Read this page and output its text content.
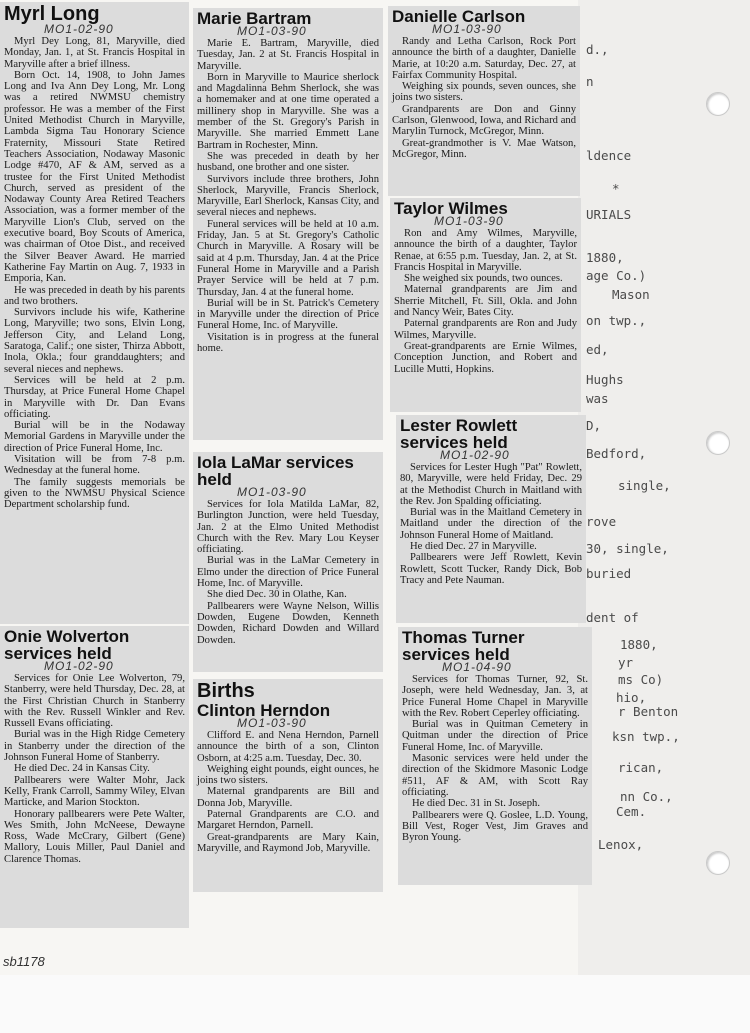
d.,
n
ldence
*
URIALS
1880,
age Co.)
Mason
on twp.,
ed,
Hughs
was
D,
Bedford,
single,
rove
30, single,
buried
dent of
1880,
yr
ms Co)
hio,
r Benton
ksn twp.,
rican,
nn Co.,
Cem.
Lenox,
Myrl Long
MO1-02-90

Myrl Dey Long, 81, Maryville, died Monday, Jan. 1, at St. Francis Hospital in Maryville after a brief illness.

Born Oct. 14, 1908, to John James Long and Iva Ann Dey Long, Mr. Long was a retired NWMSU chemistry professor. He was a member of the First United Methodist Church in Maryville, Lambda Sigma Tau Honorary Science Fraternity, Missouri State Retired Teachers Association, Nodaway Masonic Lodge #470, AF & AM, served as a trustee for the First United Methodist Church, served as president of the Nodaway County Area Retired Teachers Association, was a former member of the Maryville Lion's Club, served on the executive board, Boy Scouts of America, was chairman of Otoe Dist., and received the Silver Beaver Award. He married Katherine Fay Martin on Aug. 7, 1933 in Emporia, Kan.

He was preceded in death by his parents and two brothers.

Survivors include his wife, Katherine Long, Maryville; two sons, Elvin Long, Jefferson City, and Leland Long, Saratoga, Calif.; one sister, Thirza Abbott, Inola, Okla.; four granddaughters; and several nieces and nephews.

Services will be held at 2 p.m. Thursday, at Price Funeral Home Chapel in Maryville with Dr. Dan Evans officiating.

Burial will be in the Nodaway Memorial Gardens in Maryville under the direction of Price Funeral Home, Inc.

Visitation will be from 7-8 p.m. Wednesday at the funeral home.

The family suggests memorials be given to the NWMSU Physical Science Department scholarship fund.

Onie Wolverton services held
MO1-02-90

Services for Onie Lee Wolverton, 79, Stanberry, were held Thursday, Dec. 28, at the First Christian Church in Stanberry with the Rev. Russell Winkler and Rev. Russell Evans officiating.

Burial was in the High Ridge Cemetery in Stanberry under the direction of the Johnson Funeral Home of Stanberry.

He died Dec. 24 in Kansas City.

Pallbearers were Walter Mohr, Jack Kelly, Frank Carroll, Sammy Wiley, Elvan Marticke, and Marion Stockton.

Honorary pallbearers were Pete Walter, Wes Smith, John McNeese, Dewayne Ross, Wade McCrary, Gilbert (Gene) Mallory, Louis Miller, Paul Daniel and Clarence Thomas.

Marie Bartram
MO1-03-90

Marie E. Bartram, Maryville, died Tuesday, Jan. 2 at St. Francis Hospital in Maryville.

Born in Maryville to Maurice sherlock and Magdalinna Behm Sherlock, she was a homemaker and at one time operated a millinery shop in Maryville. She was a member of the St. Gregory's Parish in Maryville. She married Emmett Lane Bartram in Rochester, Minn.

She was preceded in death by her husband, one brother and one sister.

Survivors include three brothers, John Sherlock, Maryville, Francis Sherlock, Maryville, Earl Sherlock, Kansas City, and several nieces and nephews.

Funeral services will be held at 10 a.m. Friday, Jan. 5 at St. Gregory's Catholic Church in Maryville. A Rosary will be said at 4 p.m. Thursday, Jan. 4 at the Price Funeral Home in Maryville and a Parish Prayer Service will be held at 7 p.m. Thursday, Jan. 4 at the funeral home.

Burial will be in St. Patrick's Cemetery in Maryville under the direction of Price Funeral Home, Inc. of Maryville.

Visitation is in progress at the funeral home.

Iola LaMar services held
MO1-03-90

Services for Iola Matilda LaMar, 82, Burlington Junction, were held Tuesday, Jan. 2 at the Elmo United Methodist Church with the Rev. Mary Lou Keyser officiating.

Burial was in the LaMar Cemetery in Elmo under the direction of Price Funeral Home, Inc. of Maryville.

She died Dec. 30 in Olathe, Kan.

Pallbearers were Wayne Nelson, Willis Dowden, Eugene Dowden, Kenneth Dowden, Richard Dowden and Willard Dowden.

Births
Clinton Herndon
MO1-03-90

Clifford E. and Nena Herndon, Parnell announce the birth of a son, Clinton Osborn, at 4:25 a.m. Tuesday, Dec. 30.

Weighing eight pounds, eight ounces, he joins two sisters.

Maternal grandparents are Bill and Donna Job, Maryville.

Paternal Grandparents are C.O. and Margaret Herndon, Parnell.

Great-grandparents are Mary Kain, Maryville, and Raymond Job, Maryville.

Danielle Carlson
MO1-03-90

Randy and Letha Carlson, Rock Port announce the birth of a daughter, Danielle Marie, at 10:20 a.m. Saturday, Dec. 27, at Fairfax Community Hospital.

Weighing six pounds, seven ounces, she joins two sisters.

Grandparents are Don and Ginny Carlson, Glenwood, Iowa, and Richard and Marylin Turnock, McGregor, Minn.

Great-grandmother is V. Mae Watson, McGregor, Minn.

Taylor Wilmes
MO1-03-90

Ron and Amy Wilmes, Maryville, announce the birth of a daughter, Taylor Renae, at 6:55 p.m. Tuesday, Jan. 2, at St. Francis Hospital in Maryville.

She weighed six pounds, two ounces.

Maternal grandparents are Jim and Sherrie Mitchell, Ft. Sill, Okla. and John and Nancy Weir, Bates City.

Paternal grandparents are Ron and Judy Wilmes, Maryville.

Great-grandparents are Ernie Wilmes, Conception Junction, and Robert and Lucille Mutti, Hopkins.

Lester Rowlett services held
MO1-02-90

Services for Lester Hugh "Pat" Rowlett, 80, Maryville, were held Friday, Dec. 29 at the Methodist Church in Maitland with the Rev. Jon Spalding officiating.

Burial was in the Maitland Cemetery in Maitland under the direction of the Johnson Funeral Home of Maitland.

He died Dec. 27 in Maryville.

Pallbearers were Jeff Rowlett, Kevin Rowlett, Scott Tucker, Randy Dick, Bob Tracy and Pete Nauman.

Thomas Turner services held
MO1-04-90

Services for Thomas Turner, 92, St. Joseph, were held Wednesday, Jan. 3, at Price Funeral Home Chapel in Maryville with the Rev. Robert Ceperley officiating.

Burial was in Quitman Cemetery in Quitman under the direction of Price Funeral Home, Inc. of Maryville.

Masonic services were held under the direction of the Skidmore Masonic Lodge #511, AF & AM, with Scott Ray officiating.

He died Dec. 31 in St. Joseph.

Pallbearers were Q. Goslee, L.D. Young, Bill Vest, Roger Vest, Jim Graves and Byron Young.

sb1178
